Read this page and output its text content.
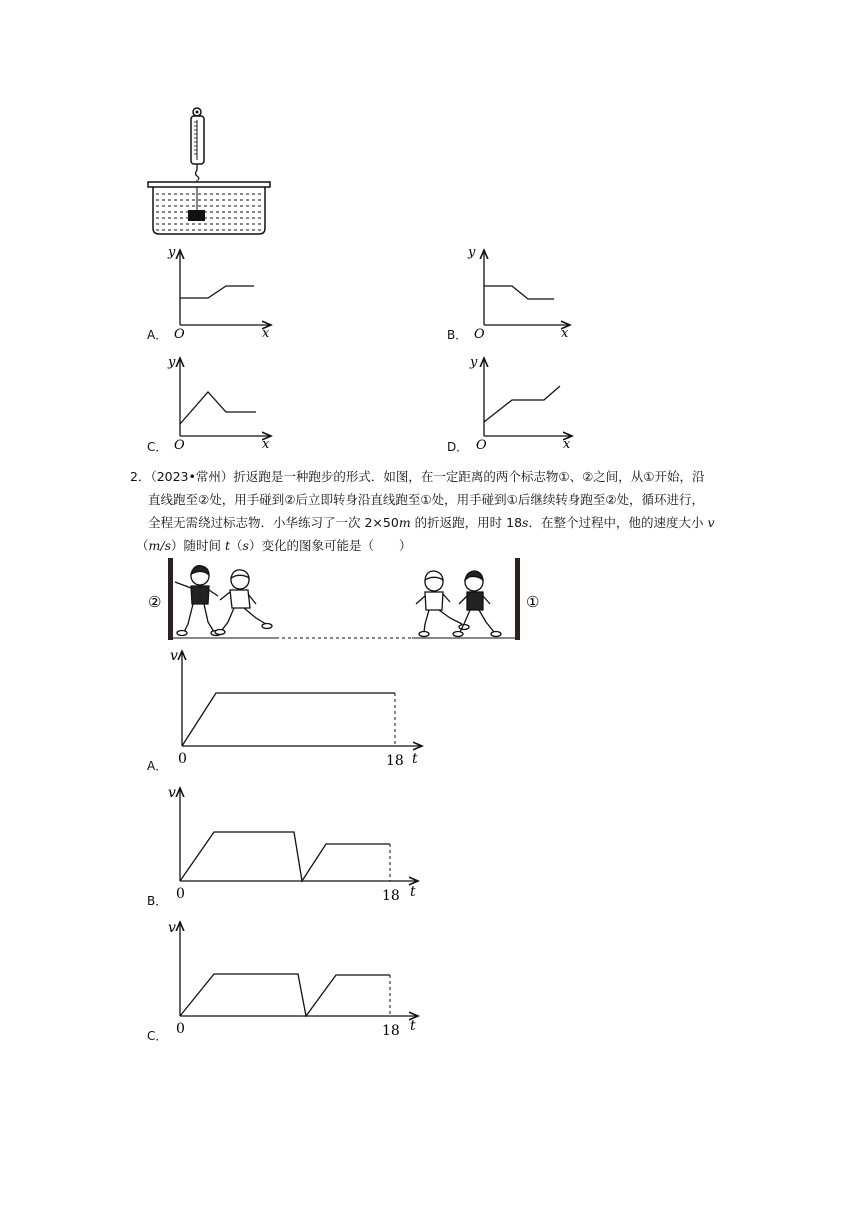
A．
y
x
O	B．
y
x
O
C．
y
x
O	D．
y
x
O
2．（2023•常州）折返跑是一种跑步的形式．如图，在一定距离的两个标志物①、②之间，从①开始，沿
直线跑至②处，用手碰到②后立即转身沿直线跑至①处，用手碰到①后继续转身跑至②处，循环进行，
全程无需绕过标志物．小华练习了一次 2×50m 的折返跑，用时 18s．在整个过程中，他的速度大小 v
（m/s）随时间 t（s）变化的图象可能是（　　）
②	①
A．
v
0	18 t
B．
v
0	18 t
C．
v
0	18 t
